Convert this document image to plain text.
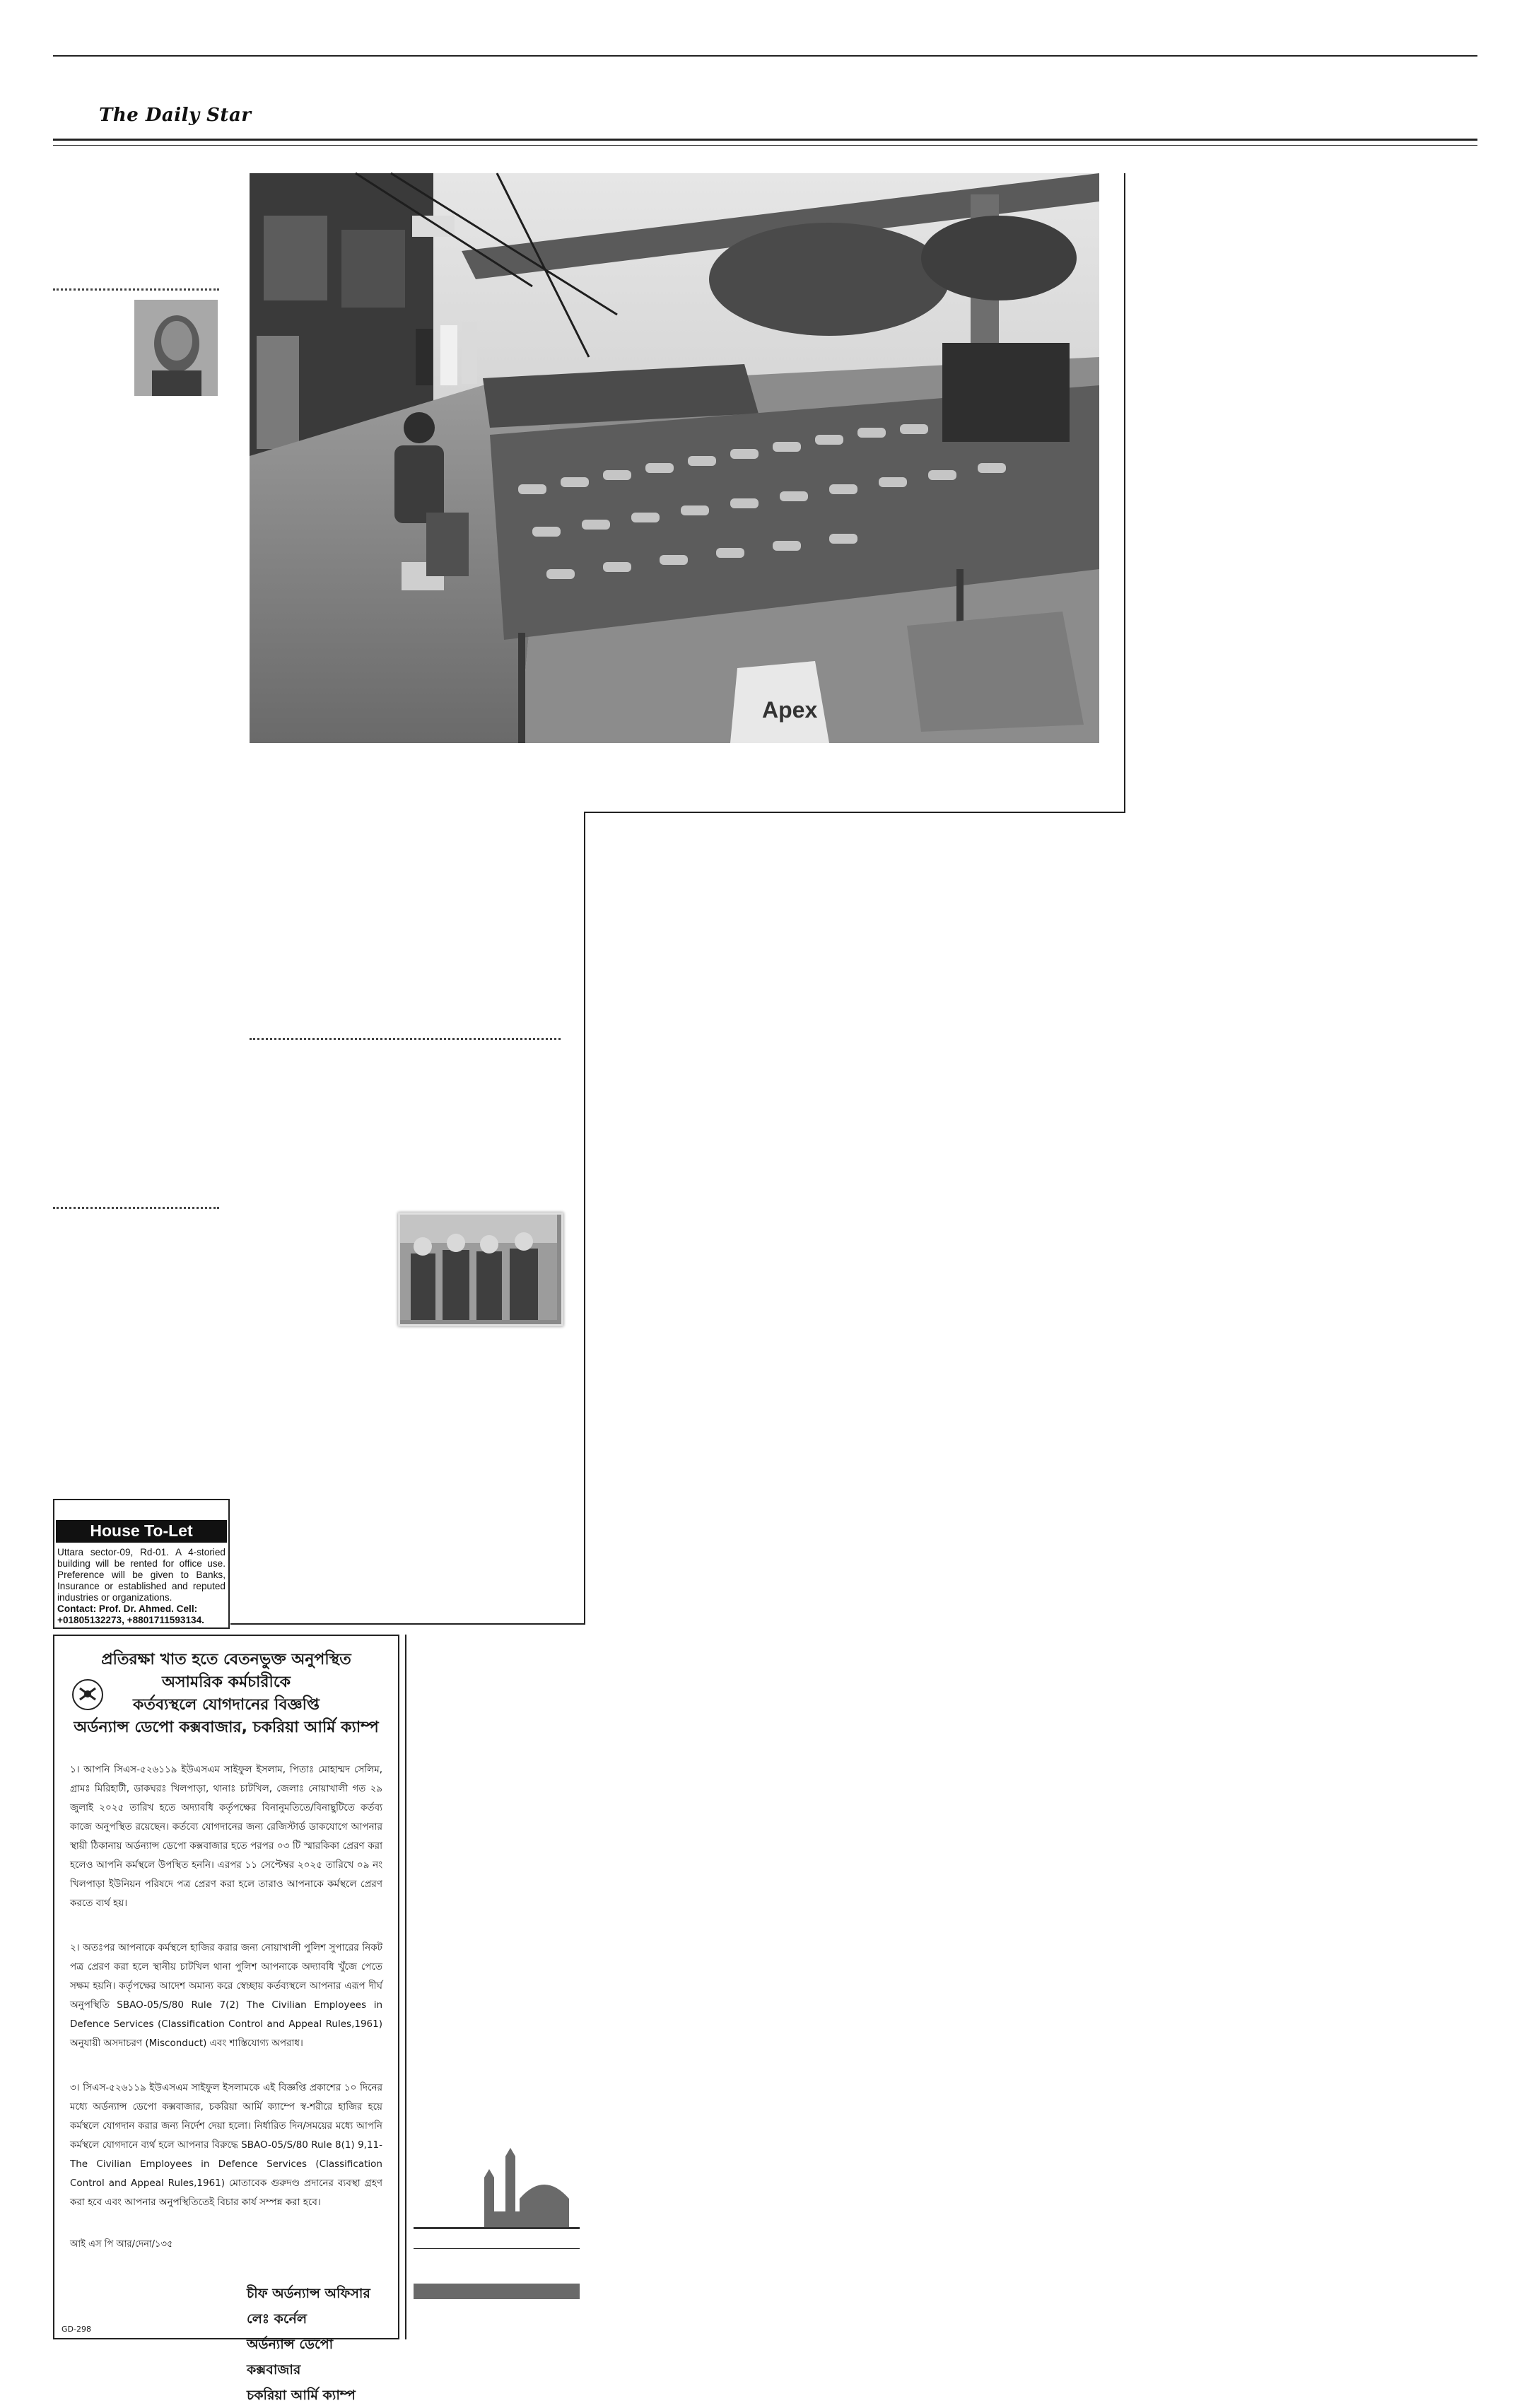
The Daily Star
Apex
House To-Let
Uttara sector-09, Rd-01. A 4-storied building will be rented for office use. Preference will be given to Banks, Insurance or established and reputed industries or organizations.
Contact: Prof. Dr. Ahmed. Cell: +01805132273, +8801711593134.
প্রতিরক্ষা খাত হতে বেতনভুক্ত অনুপস্থিত অসামরিক কর্মচারীকে
কর্তব্যস্থলে যোগদানের বিজ্ঞপ্তি
অর্ডন্যান্স ডেপো কক্সবাজার, চকরিয়া আর্মি ক্যাম্প

১। আপনি সিএস-৫২৬১১৯ ইউএসএম সাইফুল ইসলাম, পিতাঃ মোহাম্মদ সেলিম, গ্রামঃ মিরিহাটী, ডাকঘরঃ খিলপাড়া, থানাঃ চাটখিল, জেলাঃ নোয়াখালী গত ২৯ জুলাই ২০২৫ তারিখ হতে অদ্যাবধি কর্তৃপক্ষের বিনানুমতিতে/বিনাছুটিতে কর্তব্য কাজে অনুপস্থিত রয়েছেন। কর্তব্যে যোগদানের জন্য রেজিস্টার্ড ডাকযোগে আপনার স্থায়ী ঠিকানায় অর্ডন্যান্স ডেপো কক্সবাজার হতে পরপর ০৩ টি স্মারকিকা প্রেরণ করা হলেও আপনি কর্মস্থলে উপস্থিত হননি। এরপর ১১ সেপ্টেম্বর ২০২৫ তারিখে ০৯ নং খিলপাড়া ইউনিয়ন পরিষদে পত্র প্রেরণ করা হলে তারাও আপনাকে কর্মস্থলে প্রেরণ করতে ব্যর্থ হয়।

২। অতঃপর আপনাকে কর্মস্থলে হাজির করার জন্য নোয়াখালী পুলিশ সুপারের নিকট পত্র প্রেরণ করা হলে স্থানীয় চাটখিল থানা পুলিশ আপনাকে অদ্যাবধি খুঁজে পেতে সক্ষম হয়নি। কর্তৃপক্ষের আদেশ অমান্য করে স্বেচ্ছায় কর্তব্যস্থলে আপনার এরূপ দীর্ঘ অনুপস্থিতি SBAO-05/S/80 Rule 7(2) The Civilian Employees in Defence Services (Classification Control and Appeal Rules,1961) অনুযায়ী অসদাচরণ (Misconduct) এবং শাস্তিযোগ্য অপরাধ।

৩। সিএস-৫২৬১১৯ ইউএসএম সাইফুল ইসলামকে এই বিজ্ঞপ্তি প্রকাশের ১০ দিনের মধ্যে অর্ডন্যান্স ডেপো কক্সবাজার, চকরিয়া আর্মি ক্যাম্পে স্ব-শরীরে হাজির হয়ে কর্মস্থলে যোগদান করার জন্য নির্দেশ দেয়া হলো। নির্ধারিত দিন/সময়ের মধ্যে আপনি কর্মস্থলে যোগদানে ব্যর্থ হলে আপনার বিরুদ্ধে SBAO-05/S/80 Rule 8(1) 9,11- The Civilian Employees in Defence Services (Classification Control and Appeal Rules,1961) মোতাবেক গুরুদণ্ড প্রদানের ব্যবস্থা গ্রহণ করা হবে এবং আপনার অনুপস্থিতিতেই বিচার কার্য সম্পন্ন করা হবে।

আই এস পি আর/দেনা/১৩৫
চীফ অর্ডন্যান্স অফিসার
লেঃ কর্নেল
অর্ডন্যান্স ডেপো কক্সবাজার
চকরিয়া আর্মি ক্যাম্প
GD-298
